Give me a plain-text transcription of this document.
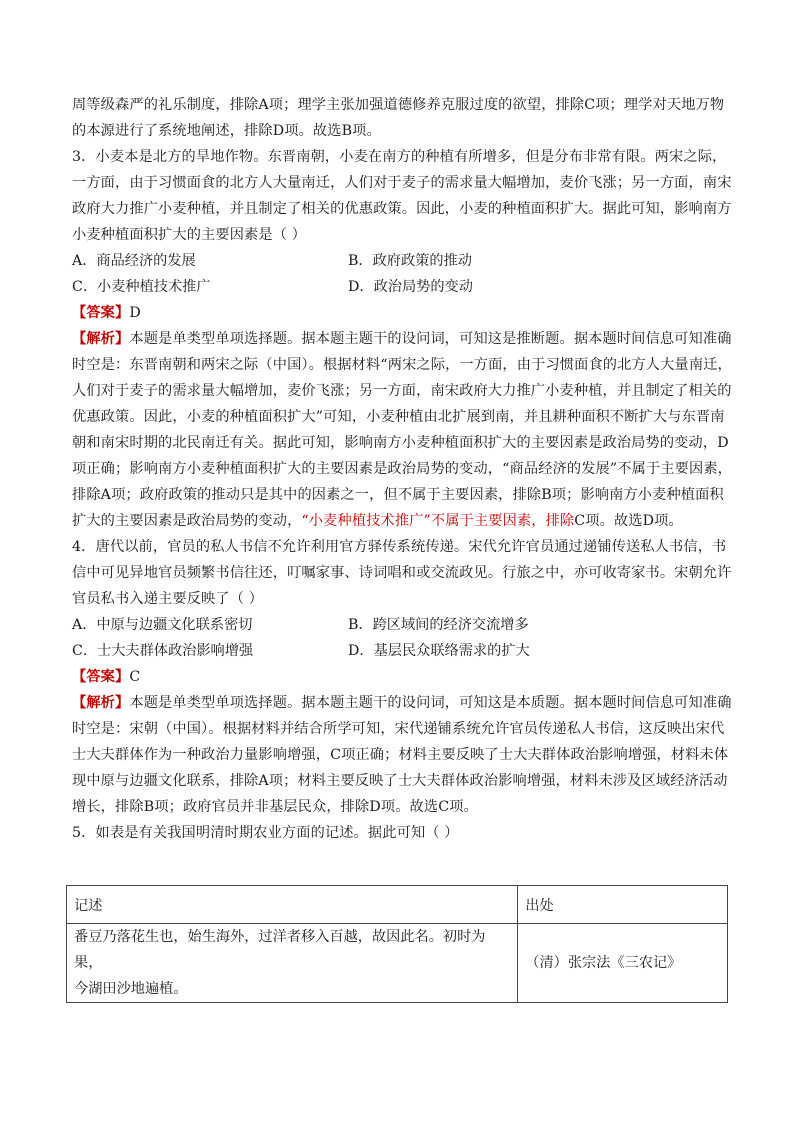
周等级森严的礼乐制度，排除A项；理学主张加强道德修养克服过度的欲望，排除C项；理学对天地万物
的本源进行了系统地阐述，排除D项。故选B项。
3．小麦本是北方的旱地作物。东晋南朝，小麦在南方的种植有所增多，但是分布非常有限。两宋之际，
一方面，由于习惯面食的北方人大量南迁，人们对于麦子的需求量大幅增加，麦价飞涨；另一方面，南宋
政府大力推广小麦种植，并且制定了相关的优惠政策。因此，小麦的种植面积扩大。据此可知，影响南方
小麦种植面积扩大的主要因素是（ ）
A．商品经济的发展	B．政府政策的推动
C．小麦种植技术推广	D．政治局势的变动
【答案】D
【解析】本题是单类型单项选择题。据本题主题干的设问词，可知这是推断题。据本题时间信息可知准确
时空是：东晋南朝和两宋之际（中国）。根据材料“两宋之际，一方面，由于习惯面食的北方人大量南迁，
人们对于麦子的需求量大幅增加，麦价飞涨；另一方面，南宋政府大力推广小麦种植，并且制定了相关的
优惠政策。因此，小麦的种植面积扩大”可知，小麦种植由北扩展到南，并且耕种面积不断扩大与东晋南
朝和南宋时期的北民南迁有关。据此可知，影响南方小麦种植面积扩大的主要因素是政治局势的变动，D
项正确；影响南方小麦种植面积扩大的主要因素是政治局势的变动，“商品经济的发展”不属于主要因素，
排除A项；政府政策的推动只是其中的因素之一，但不属于主要因素，排除B项；影响南方小麦种植面积
扩大的主要因素是政治局势的变动，“小麦种植技术推广”不属于主要因素，排除C项。故选D项。
4．唐代以前，官员的私人书信不允许利用官方驿传系统传递。宋代允许官员通过递铺传送私人书信，书
信中可见异地官员频繁书信往还，叮嘱家事、诗词唱和或交流政见。行旅之中，亦可收寄家书。宋朝允许
官员私书入递主要反映了（ ）
A．中原与边疆文化联系密切	B．跨区域间的经济交流增多
C．士大夫群体政治影响增强	D．基层民众联络需求的扩大
【答案】C
【解析】本题是单类型单项选择题。据本题主题干的设问词，可知这是本质题。据本题时间信息可知准确
时空是：宋朝（中国）。根据材料并结合所学可知，宋代递铺系统允许官员传递私人书信，这反映出宋代
士大夫群体作为一种政治力量影响增强，C项正确；材料主要反映了士大夫群体政治影响增强，材料未体
现中原与边疆文化联系，排除A项；材料主要反映了士大夫群体政治影响增强，材料未涉及区域经济活动
增长，排除B项；政府官员并非基层民众，排除D项。故选C项。
5．如表是有关我国明清时期农业方面的记述。据此可知（ ）
记述	出处

番豆乃落花生也，始生海外，过洋者移入百越，故因此名。初时为果，
今湖田沙地遍植。	（清）张宗法《三农记》
